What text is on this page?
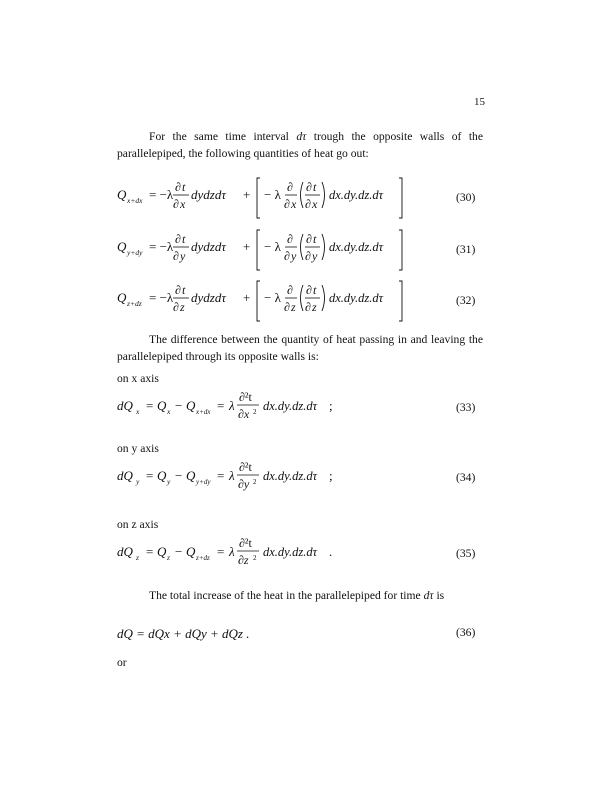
15
For the same time interval dτ trough the opposite walls of the parallelepiped, the following quantities of heat go out:
Q x+dx = −λ ∂ t
∂ x
dydzdτ + − λ ∂
∂ x
∂ t
∂ x
dx.dy.dz.dτ	(30)
Q y+dy = −λ ∂ t
∂ y
dydzdτ + − λ ∂
∂ y
∂ t
∂ y
dx.dy.dz.dτ	(31)
Q z+dz = −λ ∂ t
∂ z
dydzdτ + − λ ∂
∂ z
∂ t
∂ z
dx.dy.dz.dτ	(32)
The difference between the quantity of heat passing in and leaving the parallelepiped through its opposite walls is:
on x axis
dQ x = Q x − Q x+dx = λ
∂²t
∂x 2 dx.dy.dz.dτ ;	(33)
on y axis
dQ y = Q y − Q y+dy = λ
∂²t
∂y 2 dx.dy.dz.dτ ;	(34)
on z axis
dQ z = Q z − Q z+dz = λ
∂²t
∂z 2 dx.dy.dz.dτ .	(35)
The total increase of the heat in the parallelepiped for time dτ is
dQ = dQx + dQy + dQz .	(36)
or
